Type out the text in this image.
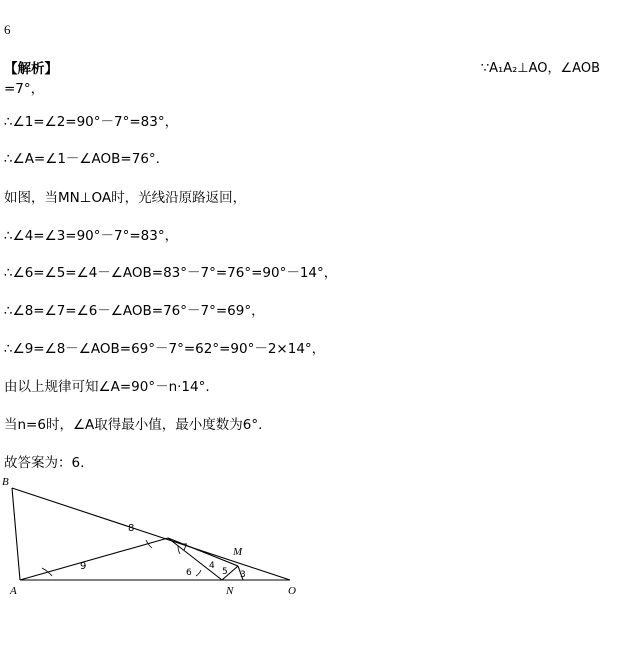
6
【解析】	∵A₁A₂⊥AO，∠AOB
=7°，
∴∠1=∠2=90°－7°=83°，
∴∠A=∠1－∠AOB=76°.
如图，当MN⊥OA时，光线沿原路返回，
∴∠4=∠3=90°－7°=83°，
∴∠6=∠5=∠4－∠AOB=83°－7°=76°=90°－14°，
∴∠8=∠7=∠6－∠AOB=76°－7°=69°，
∴∠9=∠8－∠AOB=69°－7°=62°=90°－2×14°，
由以上规律可知∠A=90°－n·14°.
当n=6时，∠A取得最小值，最小度数为6°.
故答案为：6.
B
A
M
N	O
8
9
7
6
4
5 3
